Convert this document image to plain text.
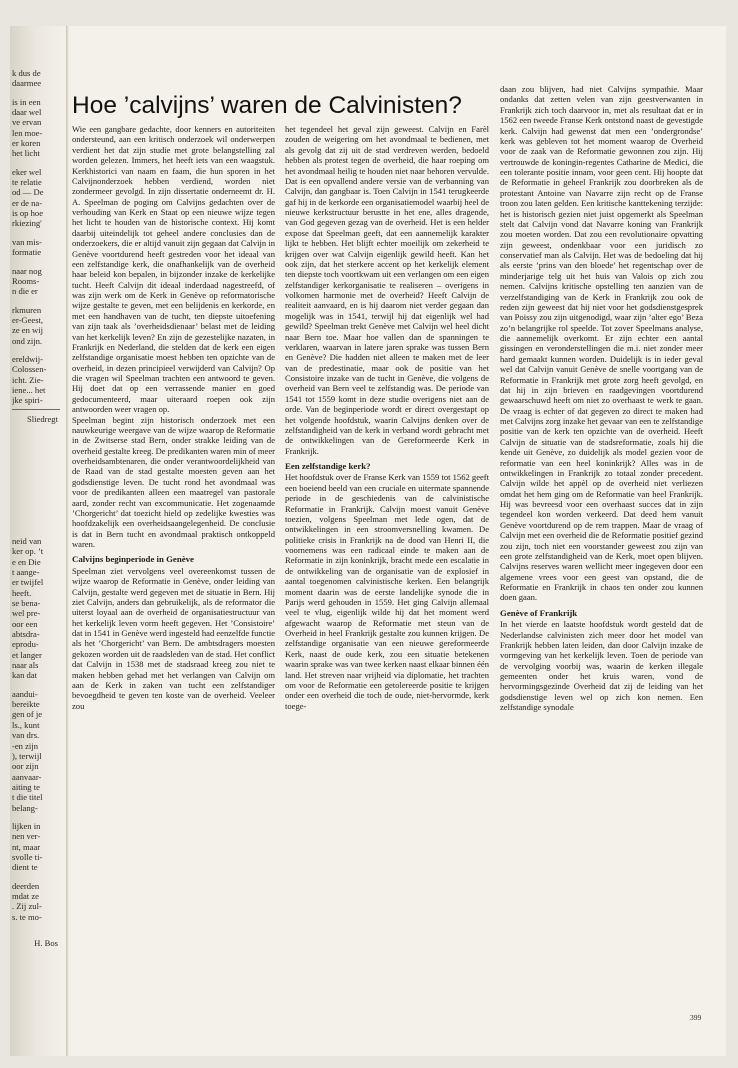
k dus de
daarmee
is in een
daar wel
ve ervan
len moe-
er koren
het licht
eker wel
te relatie
od — De
er de na-
is op hoe
rkiezing'
van mis-
formatie
naar nog
Rooms-
n die er
rkmuren
er-Geest,
ze en wij
ond zijn.
ereldwij-
Colossen-
icht. Zie-
iene... het
jke spiri-
Sliedregt
neid van
ker op. ’t
e en Die
t aange-
er twijfel
heeft.
se bena-
wel pre-
oor een
abtsdra-
eprodu-
et langer
naar als
kan dat
aandui-
bereikte
gen of je
ls., kunt
van drs.
-en zijn
), terwijl
oor zijn
aanvaar-
aiting te
t die titel
belang-
lijken in
nen ver-
nt, maar
svolle ti-
dient te
deerden
mdat ze
. Zij zul-
s. te mo-
H. Bos
Hoe ’calvijns’ waren de Calvinisten?

Wie een gangbare gedachte, door kenners en autoriteiten ondersteund, aan een kritisch onderzoek wil onderwerpen verdient het dat zijn studie met grote belangstelling zal worden gelezen. Immers, het heeft iets van een waagstuk. Kerkhistorici van naam en faam, die hun sporen in het Calvijnonderzoek hebben verdiend, worden niet zondermeer gevolgd. In zijn dissertatie onderneemt dr. H. A. Speelman de poging om Calvijns gedachten over de verhouding van Kerk en Staat op een nieuwe wijze tegen het licht te houden van de historische context. Hij komt daarbij uiteindelijk tot geheel andere conclusies dan de onderzoekers, die er altijd vanuit zijn gegaan dat Calvijn in Genève voortdurend heeft gestreden voor het ideaal van een zelfstandige kerk, die onafhankelijk van de overheid haar beleid kon bepalen, in bijzonder inzake de kerkelijke tucht. Heeft Calvijn dit ideaal inderdaad nagestreefd, of was zijn werk om de Kerk in Genève op reformatorische wijze gestalte te geven, met een belijdenis en kerkorde, en met een handhaven van de tucht, ten diepste uitoefening van zijn taak als ’overheidsdienaar’ belast met de leiding van het kerkelijk leven? En zijn de gezestelijke nazaten, in Frankrijk en Nederland, die stelden dat de kerk een eigen zelfstandige organisatie moest hebben ten opzichte van de overheid, in dezen principieel verwijderd van Calvijn? Op die vragen wil Speelman trachten een antwoord te geven. Hij doet dat op een verrassende manier en goed gedocumenteerd, maar uiteraard roepen ook zijn antwoorden weer vragen op.

Speelman begint zijn historisch onderzoek met een nauwkeurige weergave van de wijze waarop de Reformatie in de Zwitserse stad Bern, onder strakke leiding van de overheid gestalte kreeg. De predikanten waren min of meer overheidsambtenaren, die onder verantwoordelijkheid van de Raad van de stad gestalte moesten geven aan het godsdienstige leven. De tucht rond het avondmaal was voor de predikanten alleen een maatregel van pastorale aard, zonder recht van excommunicatie. Het zogenaamde ’Chorgericht’ dat toezicht hield op zedelijke kwesties was hoofdzakelijk een overheidsaangelegenheid. De conclusie is dat in Bern tucht en avondmaal praktisch ontkoppeld waren.

Calvijns beginperiode in Genève

Speelman ziet vervolgens veel overeenkomst tussen de wijze waarop de Reformatie in Genève, onder leiding van Calvijn, gestalte werd gegeven met de situatie in Bern. Hij ziet Calvijn, anders dan gebruikelijk, als de reformator die uiterst loyaal aan de overheid de organisatiestructuur van het kerkelijk leven vorm heeft gegeven. Het ’Consistoire’ dat in 1541 in Genève werd ingesteld had eenzelfde functie als het ’Chorgericht’ van Bern. De ambtsdragers moesten gekozen worden uit de raadsleden van de stad. Het conflict dat Calvijn in 1538 met de stadsraad kreeg zou niet te maken hebben gehad met het verlangen van Calvijn om aan de Kerk in zaken van tucht een zelfstandiger bevoegdheid te geven ten koste van de overheid. Veeleer zou

het tegendeel het geval zijn geweest. Calvijn en Farèl zouden de weigering om het avondmaal te bedienen, met als gevolg dat zij uit de stad verdreven werden, bedoeld hebben als protest tegen de overheid, die haar roeping om het avondmaal heilig te houden niet naar behoren vervulde. Dat is een opvallend andere versie van de verbanning van Calvijn, dan gangbaar is. Toen Calvijn in 1541 terugkeerde gaf hij in de kerkorde een organisatiemodel waarbij heel de nieuwe kerkstructuur berustte in het ene, alles dragende, van God gegeven gezag van de overheid. Het is een helder expose dat Speelman geeft, dat een aannemelijk karakter lijkt te hebben. Het blijft echter moeilijk om zekerheid te krijgen over wat Calvijn eigenlijk gewild heeft. Kan het ook zijn, dat het sterkere accent op het kerkelijk element ten diepste toch voortkwam uit een verlangen om een eigen zelfstandiger kerkorganisatie te realiseren – overigens in volkomen harmonie met de overheid? Heeft Calvijn de realiteit aanvaard, en is hij daarom niet verder gegaan dan mogelijk was in 1541, terwijl hij dat eigenlijk wel had gewild? Speelman trekt Genève met Calvijn wel heel dicht naar Bern toe. Maar hoe vallen dan de spanningen te verklaren, waarvan in latere jaren sprake was tussen Bern en Genève? Die hadden niet alleen te maken met de leer van de predestinatie, maar ook de positie van het Consistoire inzake van de tucht in Genève, die volgens de overheid van Bern veel te zelfstandig was. De periode van 1541 tot 1559 komt in deze studie overigens niet aan de orde. Van de beginperiode wordt er direct overgestapt op het volgende hoofdstuk, waarin Calvijns denken over de zelfstandigheid van de kerk in verband wordt gebracht met de ontwikkelingen van de Gereformeerde Kerk in Frankrijk.

Een zelfstandige kerk?

Het hoofdstuk over de Franse Kerk van 1559 tot 1562 geeft een boeiend beeld van een cruciale en uitermate spannende periode in de geschiedenis van de calvinistische Reformatie in Frankrijk. Calvijn moest vanuit Genève toezien, volgens Speelman met lede ogen, dat de ontwikkelingen in een stroomversnelling kwamen. De politieke crisis in Frankrijk na de dood van Henri II, die voornemens was een radicaal einde te maken aan de Reformatie in zijn koninkrijk, bracht mede een escalatie in de ontwikkeling van de organisatie van de explosief in aantal toegenomen calvinistische kerken. Een belangrijk moment daarin was de eerste landelijke synode die in Parijs werd gehouden in 1559. Het ging Calvijn allemaal veel te vlug, eigenlijk wilde hij dat het moment werd afgewacht waarop de Reformatie met steun van de Overheid in heel Frankrijk gestalte zou kunnen krijgen. De zelfstandige organisatie van een nieuwe gereformeerde Kerk, naast de oude kerk, zou een situatie betekenen waarin sprake was van twee kerken naast elkaar binnen één land. Het streven naar vrijheid via diplomatie, het trachten om voor de Reformatie een getolereerde positie te krijgen onder een overheid die toch de oude, niet-hervormde, kerk toege-

daan zou blijven, had niet Calvijns sympathie. Maar ondanks dat zetten velen van zijn geestverwanten in Frankrijk zich toch daarvoor in, met als resultaat dat er in 1562 een tweede Franse Kerk ontstond naast de gevestigde kerk. Calvijn had gewenst dat men een ’ondergrondse’ kerk was gebleven tot het moment waarop de Overheid voor de zaak van de Reformatie gewonnen zou zijn. Hij vertrouwde de koningin-regentes Catharine de Medici, die een tolerante positie innam, voor geen cent. Hij hoopte dat de Reformatie in geheel Frankrijk zou doorbreken als de protestant Antoine van Navarre zijn recht op de Franse troon zou laten gelden. Een kritische kanttekening terzijde: het is historisch gezien niet juist opgemerkt als Speelman stelt dat Calvijn vond dat Navarre koning van Frankrijk zou moeten worden. Dat zou een revolutionaire opvatting zijn geweest, ondenkbaar voor een juridisch zo conservatief man als Calvijn. Het was de bedoeling dat hij als eerste ’prins van den bloede’ het regentschap over de minderjarige telg uit het huis van Valois op zich zou nemen. Calvijns kritische opstelling ten aanzien van de verzelfstandiging van de Kerk in Frankrijk zou ook de reden zijn geweest dat hij niet voor het godsdienstgesprek van Poissy zou zijn uitgenodigd, waar zijn ’alter ego’ Beza zo’n belangrijke rol speelde. Tot zover Speelmans analyse, die aannemelijk overkomt. Er zijn echter een aantal gissingen en veronderstellingen die m.i. niet zonder meer hard gemaakt kunnen worden. Duidelijk is in ieder geval wel dat Calvijn vanuit Genève de snelle voortgang van de Reformatie in Frankrijk met grote zorg heeft gevolgd, en dat hij in zijn brieven en raadgevingen voortdurend gewaarschuwd heeft om niet zo overhaast te werk te gaan. De vraag is echter of dat gegeven zo direct te maken had met Calvijns zorg inzake het gevaar van een te zelfstandige positie van de kerk ten opzichte van de overheid. Heeft Calvijn de situatie van de stadsreformatie, zoals hij die kende uit Genève, zo duidelijk als model gezien voor de reformatie van een heel koninkrijk? Alles was in de ontwikkelingen in Frankrijk zo totaal zonder precedent. Calvijn wilde het appèl op de overheid niet verliezen omdat het hem ging om de Reformatie van heel Frankrijk. Hij was bevreesd voor een overhaast succes dat in zijn tegendeel kon worden verkeerd. Dat deed hem vanuit Genève voortdurend op de rem trappen. Maar de vraag of Calvijn met een overheid die de Reformatie positief gezind zou zijn, toch niet een voorstander geweest zou zijn van een grote zelfstandigheid van de Kerk, moet open blijven. Calvijns reserves waren wellicht meer ingegeven door een algemene vrees voor een geest van opstand, die de Reformatie en Frankrijk in chaos ten onder zou kunnen doen gaan.

Genève of Frankrijk

In het vierde en laatste hoofdstuk wordt gesteld dat de Nederlandse calvinisten zich meer door het model van Frankrijk hebben laten leiden, dan door Calvijn inzake de vormgeving van het kerkelijk leven. Toen de periode van de vervolging voorbij was, waarin de kerken illegale gemeenten onder het kruis waren, vond de hervormingsgezinde Overheid dat zij de leiding van het godsdienstige leven wel op zich kon nemen. Een zelfstandige synodale

399
